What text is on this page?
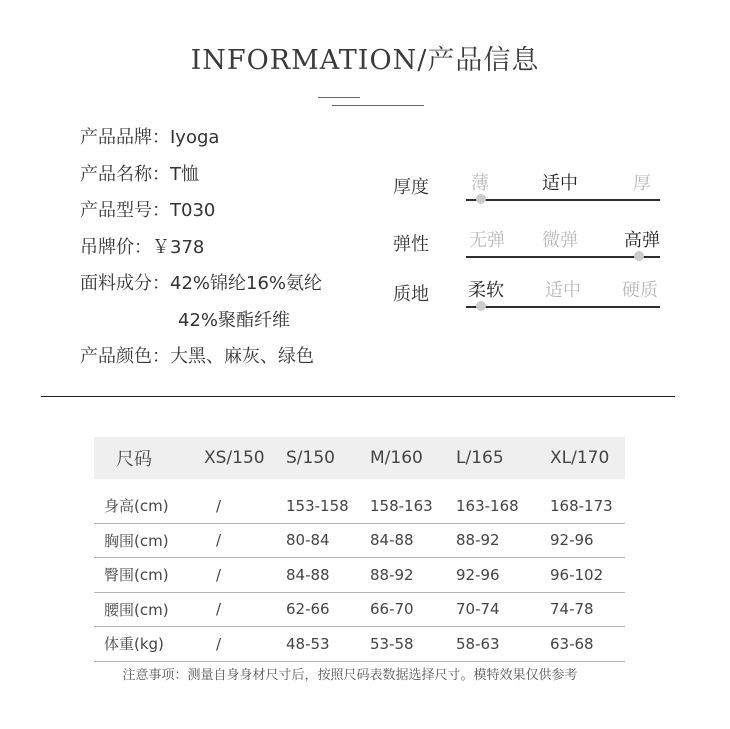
INFORMATION/产品信息
产品品牌：Iyoga
产品名称：T恤
产品型号：T030
吊牌价：￥378
面料成分：42%锦纶16%氨纶
42%聚酯纤维
产品颜色：大黑、麻灰、绿色
厚度	薄	适中	厚
弹性	无弹	微弹	高弹
质地	柔软	适中	硬质
尺码	XS/150	S/150	M/160	L/165	XL/170
身高(cm)	/	153-158	158-163	163-168	168-173
胸围(cm)	/	80-84	84-88	88-92	92-96
臀围(cm)	/	84-88	88-92	92-96	96-102
腰围(cm)	/	62-66	66-70	70-74	74-78
体重(kg)	/	48-53	53-58	58-63	63-68
注意事项：测量自身身材尺寸后，按照尺码表数据选择尺寸。模特效果仅供参考
